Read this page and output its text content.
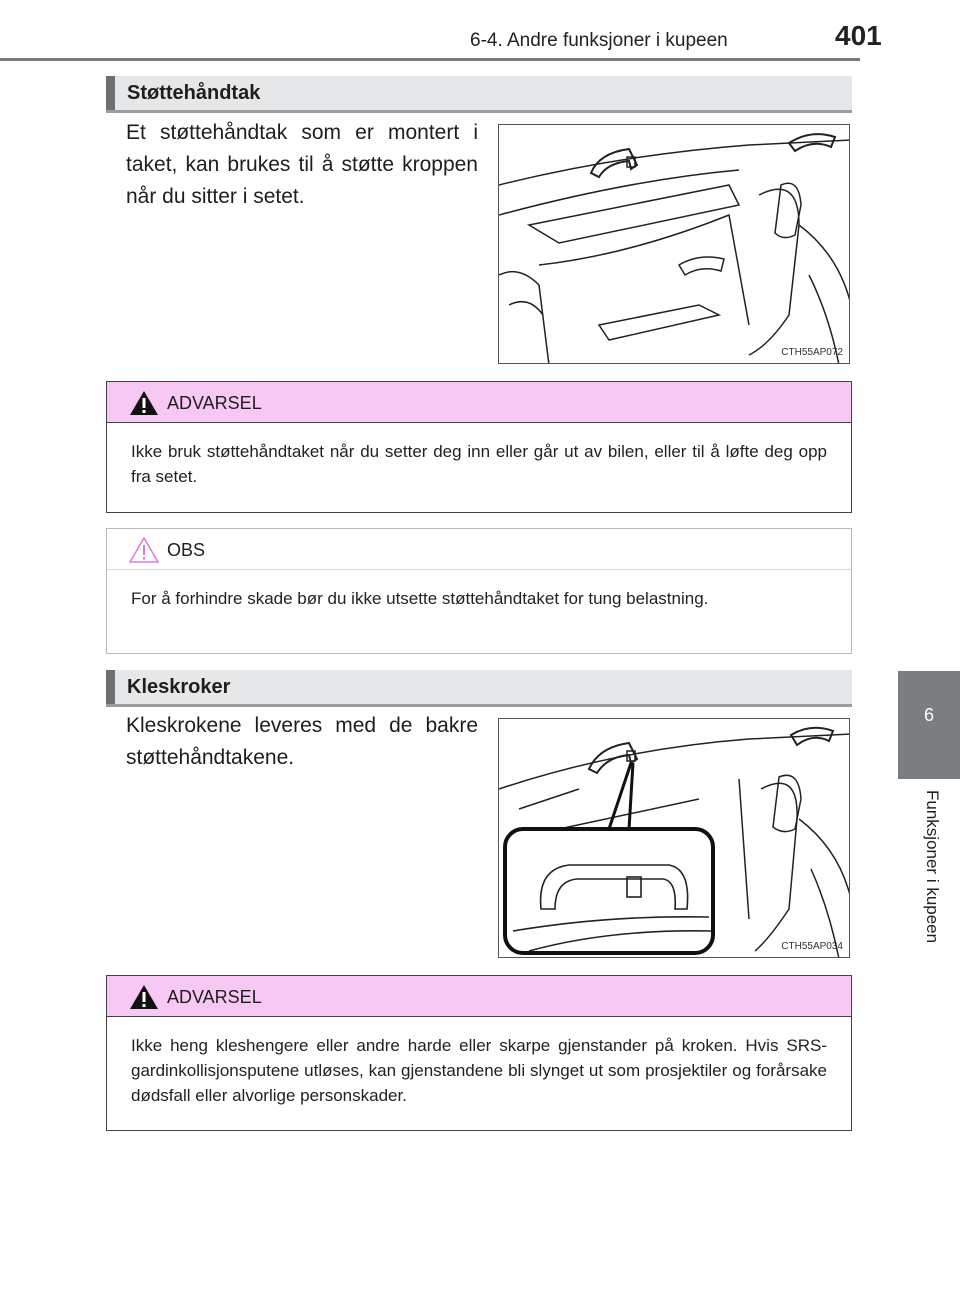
6-4. Andre funksjoner i kupeen	401
6
Funksjoner i kupeen
Støttehåndtak
Et støttehåndtak som er montert i taket, kan brukes til å støtte kroppen når du sitter i setet.
CTH55AP072
ADVARSEL
Ikke bruk støttehåndtaket når du setter deg inn eller går ut av bilen, eller til å løfte deg opp fra setet.
OBS
For å forhindre skade bør du ikke utsette støttehåndtaket for tung belastning.
Kleskroker
Kleskrokene leveres med de bakre støttehåndtakene.
CTH55AP034
ADVARSEL
Ikke heng kleshengere eller andre harde eller skarpe gjenstander på kroken. Hvis SRS-gardinkollisjonsputene utløses, kan gjenstandene bli slynget ut som prosjektiler og forårsake dødsfall eller alvorlige personskader.
